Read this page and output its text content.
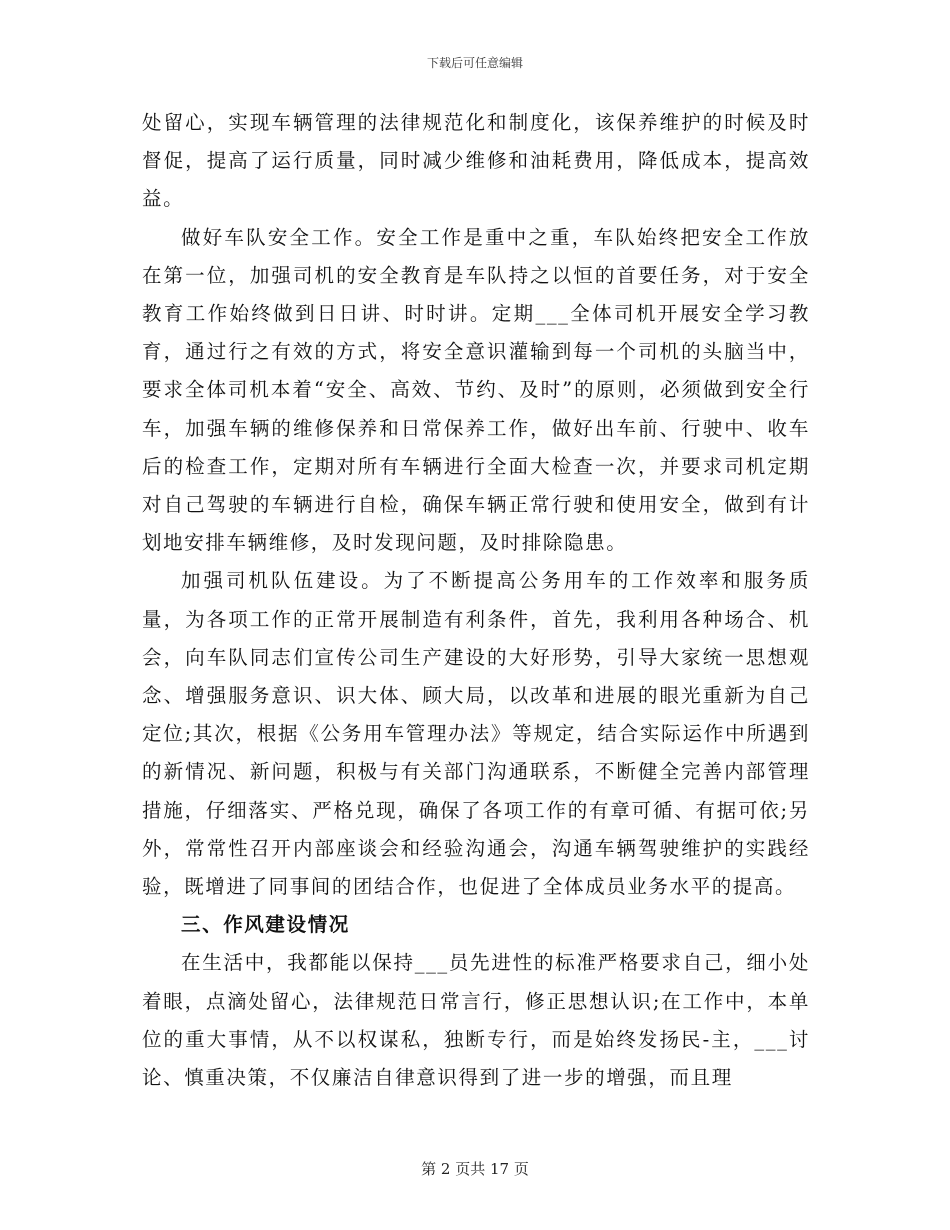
下载后可任意编辑

处留心，实现车辆管理的法律规范化和制度化，该保养维护的时候及时督促，提高了运行质量，同时减少维修和油耗费用，降低成本，提高效益。

做好车队安全工作。安全工作是重中之重，车队始终把安全工作放在第一位，加强司机的安全教育是车队持之以恒的首要任务，对于安全教育工作始终做到日日讲、时时讲。定期___全体司机开展安全学习教育，通过行之有效的方式，将安全意识灌输到每一个司机的头脑当中，要求全体司机本着“安全、高效、节约、及时”的原则，必须做到安全行车，加强车辆的维修保养和日常保养工作，做好出车前、行驶中、收车后的检查工作，定期对所有车辆进行全面大检查一次，并要求司机定期对自己驾驶的车辆进行自检，确保车辆正常行驶和使用安全，做到有计划地安排车辆维修，及时发现问题，及时排除隐患。

加强司机队伍建设。为了不断提高公务用车的工作效率和服务质量，为各项工作的正常开展制造有利条件，首先，我利用各种场合、机会，向车队同志们宣传公司生产建设的大好形势，引导大家统一思想观念、增强服务意识、识大体、顾大局，以改革和进展的眼光重新为自己定位;其次，根据《公务用车管理办法》等规定，结合实际运作中所遇到的新情况、新问题，积极与有关部门沟通联系，不断健全完善内部管理措施，仔细落实、严格兑现，确保了各项工作的有章可循、有据可依;另外，常常性召开内部座谈会和经验沟通会，沟通车辆驾驶维护的实践经验，既增进了同事间的团结合作，也促进了全体成员业务水平的提高。

三、作风建设情况

在生活中，我都能以保持___员先进性的标准严格要求自己，细小处着眼，点滴处留心，法律规范日常言行，修正思想认识;在工作中，本单位的重大事情，从不以权谋私，独断专行，而是始终发扬民-主，___讨论、慎重决策，不仅廉洁自律意识得到了进一步的增强，而且理

第 2 页共 17 页
